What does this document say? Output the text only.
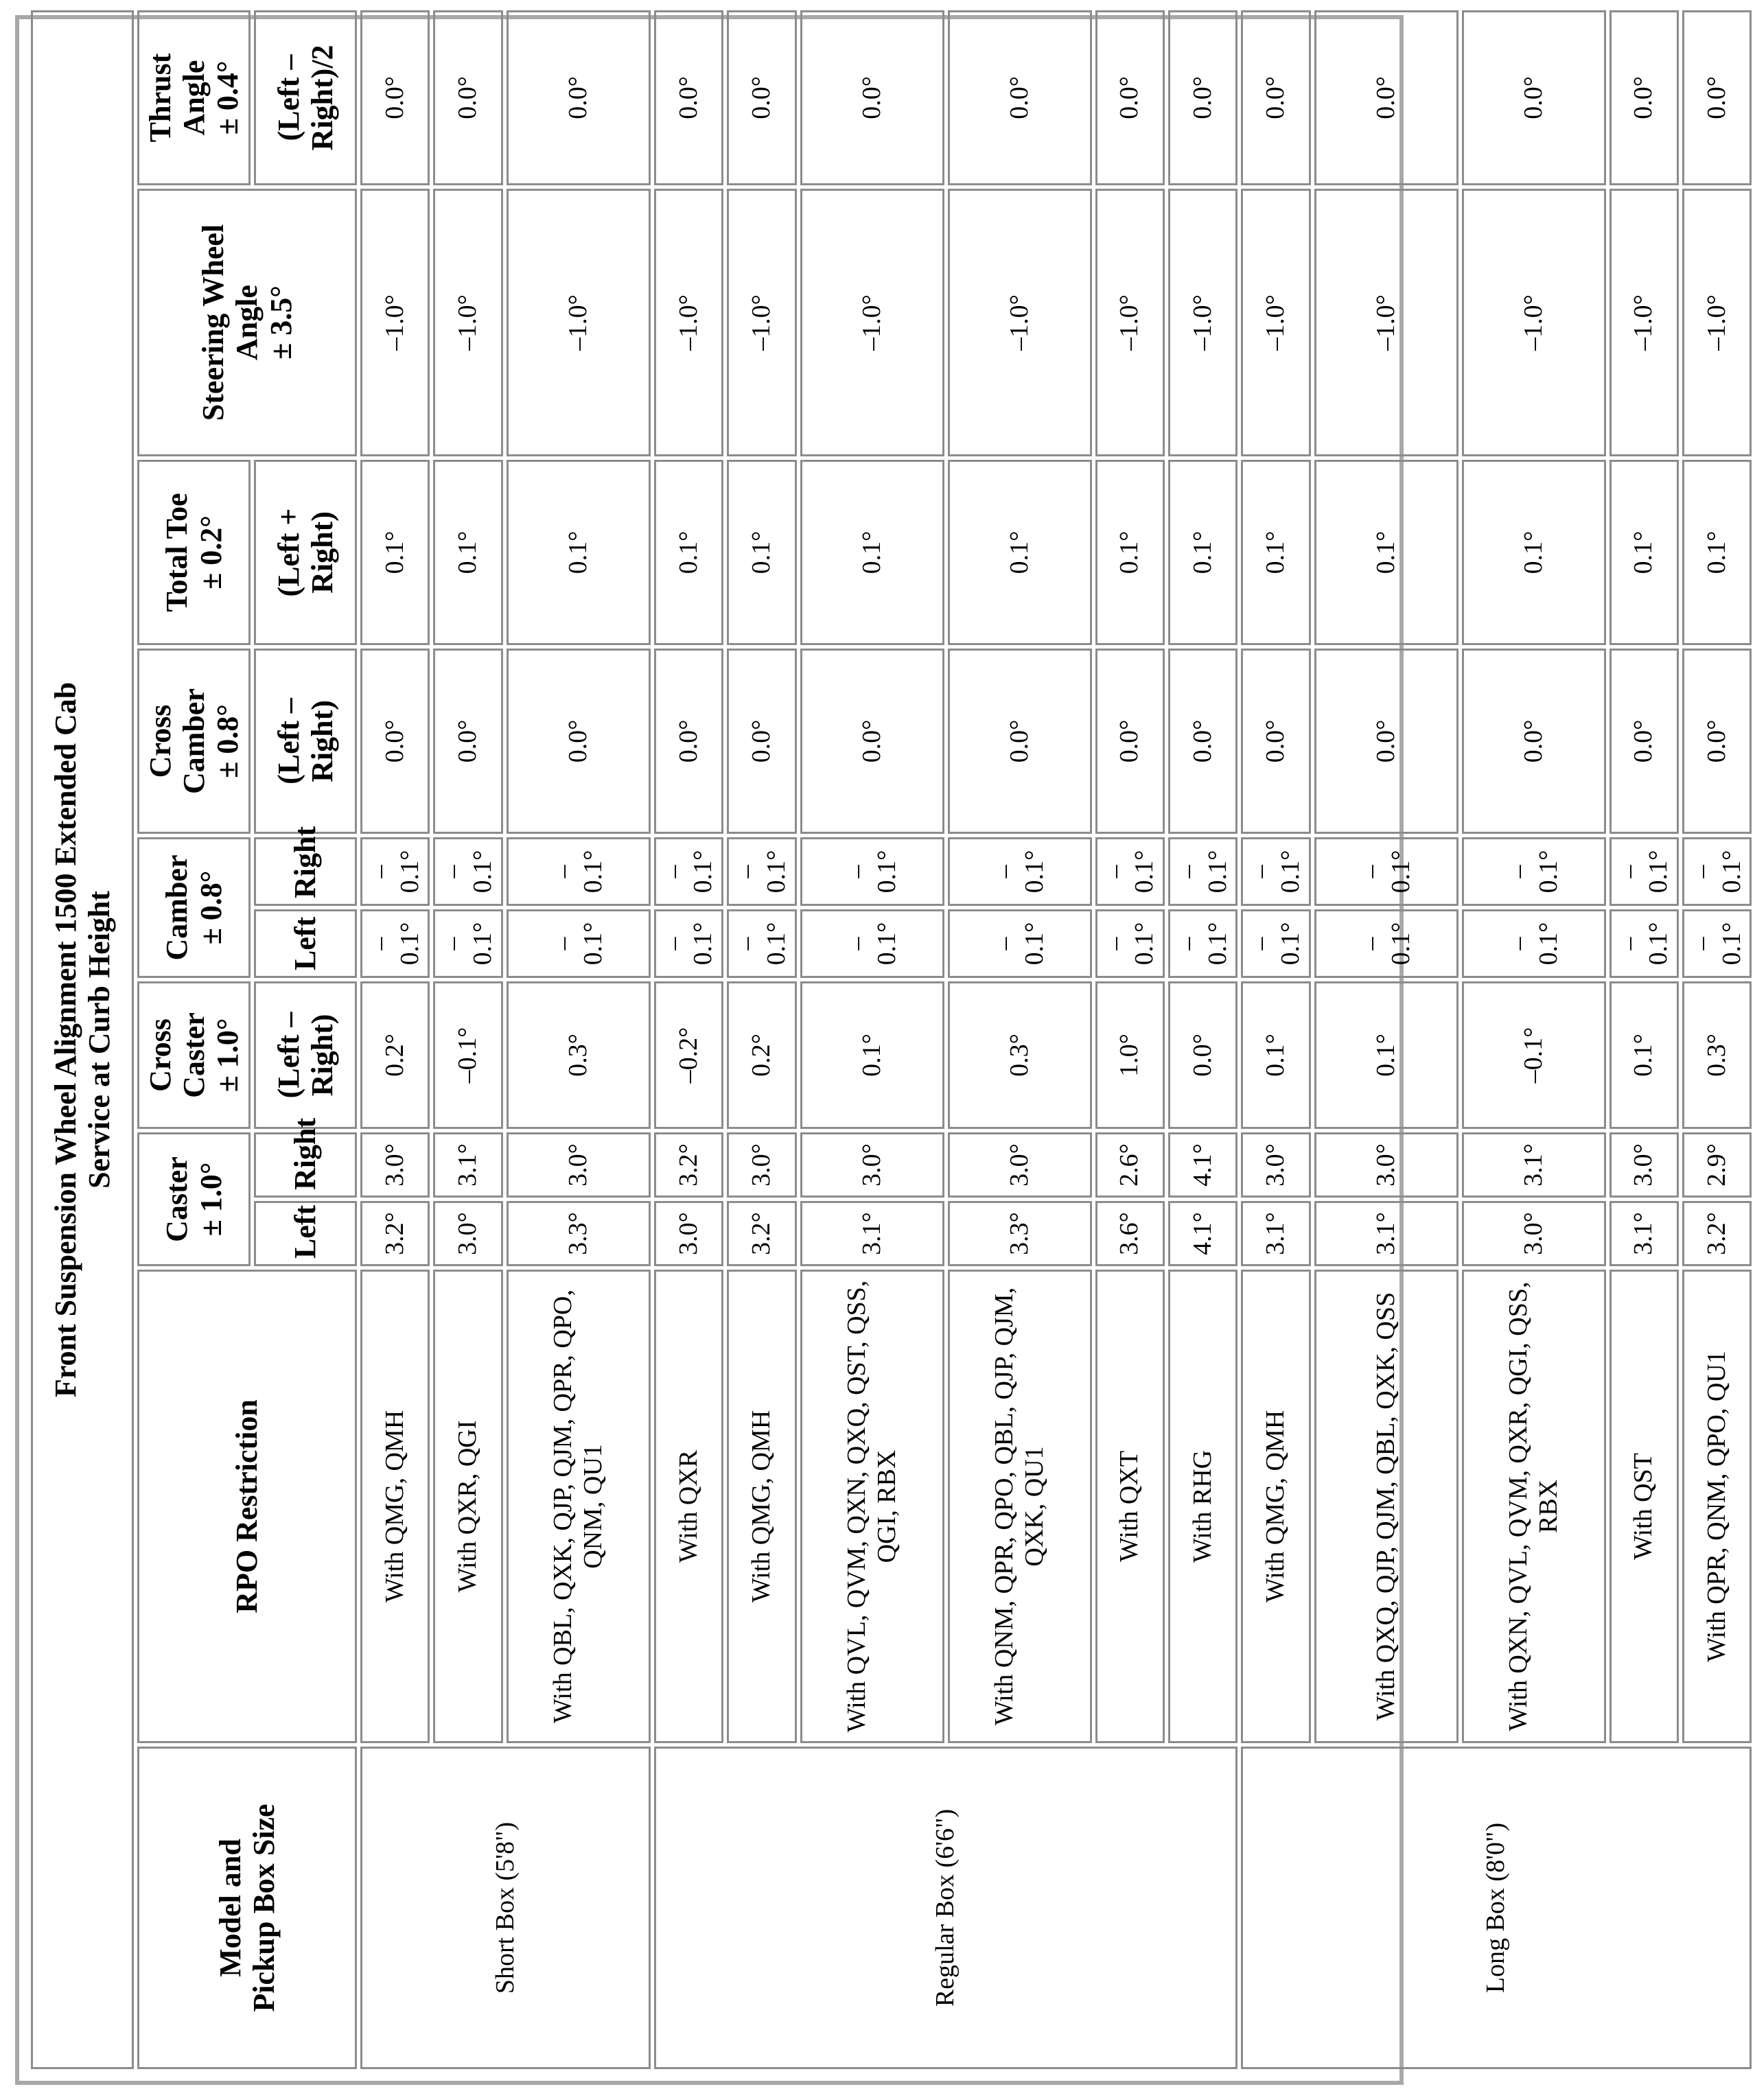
Front Suspension Wheel Alignment 1500 Extended Cab Service at Curb Height										

Model and Pickup Box Size	RPO Restriction	Caster ± 1.0°		Cross Caster ± 1.0°	Camber ± 0.8°		Cross Camber ± 0.8°	Total Toe ± 0.2°	Steering Wheel Angle ± 3.5°	Thrust Angle ± 0.4°

		Left	Right	(Left – Right)	Left	Right	(Left – Right)	(Left + Right)		(Left – Right)/2
Short Box (5'8")	With QMG, QMH	3.2°	3.0°	0.2°	–0.1°	–0.1°	0.0°	0.1°	–1.0°	0.0°
	With QXR, QGI	3.0°	3.1°	–0.1°	–0.1°	–0.1°	0.0°	0.1°	–1.0°	0.0°
	With QBL, QXK, QJP, QJM, QPR, QPO, QNM, QU1	3.3°	3.0°	0.3°	–0.1°	–0.1°	0.0°	0.1°	–1.0°	0.0°
Regular Box (6'6")	With QXR	3.0°	3.2°	–0.2°	–0.1°	–0.1°	0.0°	0.1°	–1.0°	0.0°
	With QMG, QMH	3.2°	3.0°	0.2°	–0.1°	–0.1°	0.0°	0.1°	–1.0°	0.0°
	With QVL, QVM, QXN, QXQ, QST, QSS, QGI, RBX	3.1°	3.0°	0.1°	–0.1°	–0.1°	0.0°	0.1°	–1.0°	0.0°
	With QNM, QPR, QPO, QBL, QJP, QJM, QXK, QU1	3.3°	3.0°	0.3°	–0.1°	–0.1°	0.0°	0.1°	–1.0°	0.0°
	With QXT	3.6°	2.6°	1.0°	–0.1°	–0.1°	0.0°	0.1°	–1.0°	0.0°
	With RHG	4.1°	4.1°	0.0°	–0.1°	–0.1°	0.0°	0.1°	–1.0°	0.0°
Long Box (8'0")	With QMG, QMH	3.1°	3.0°	0.1°	–0.1°	–0.1°	0.0°	0.1°	–1.0°	0.0°
	With QXQ, QJP, QJM, QBL, QXK, QSS	3.1°	3.0°	0.1°	–0.1°	–0.1°	0.0°	0.1°	–1.0°	0.0°
	With QXN, QVL, QVM, QXR, QGI, QSS, RBX	3.0°	3.1°	–0.1°	–0.1°	–0.1°	0.0°	0.1°	–1.0°	0.0°
	With QST	3.1°	3.0°	0.1°	–0.1°	–0.1°	0.0°	0.1°	–1.0°	0.0°
	With QPR, QNM, QPO, QU1	3.2°	2.9°	0.3°	–0.1°	–0.1°	0.0°	0.1°	–1.0°	0.0°
